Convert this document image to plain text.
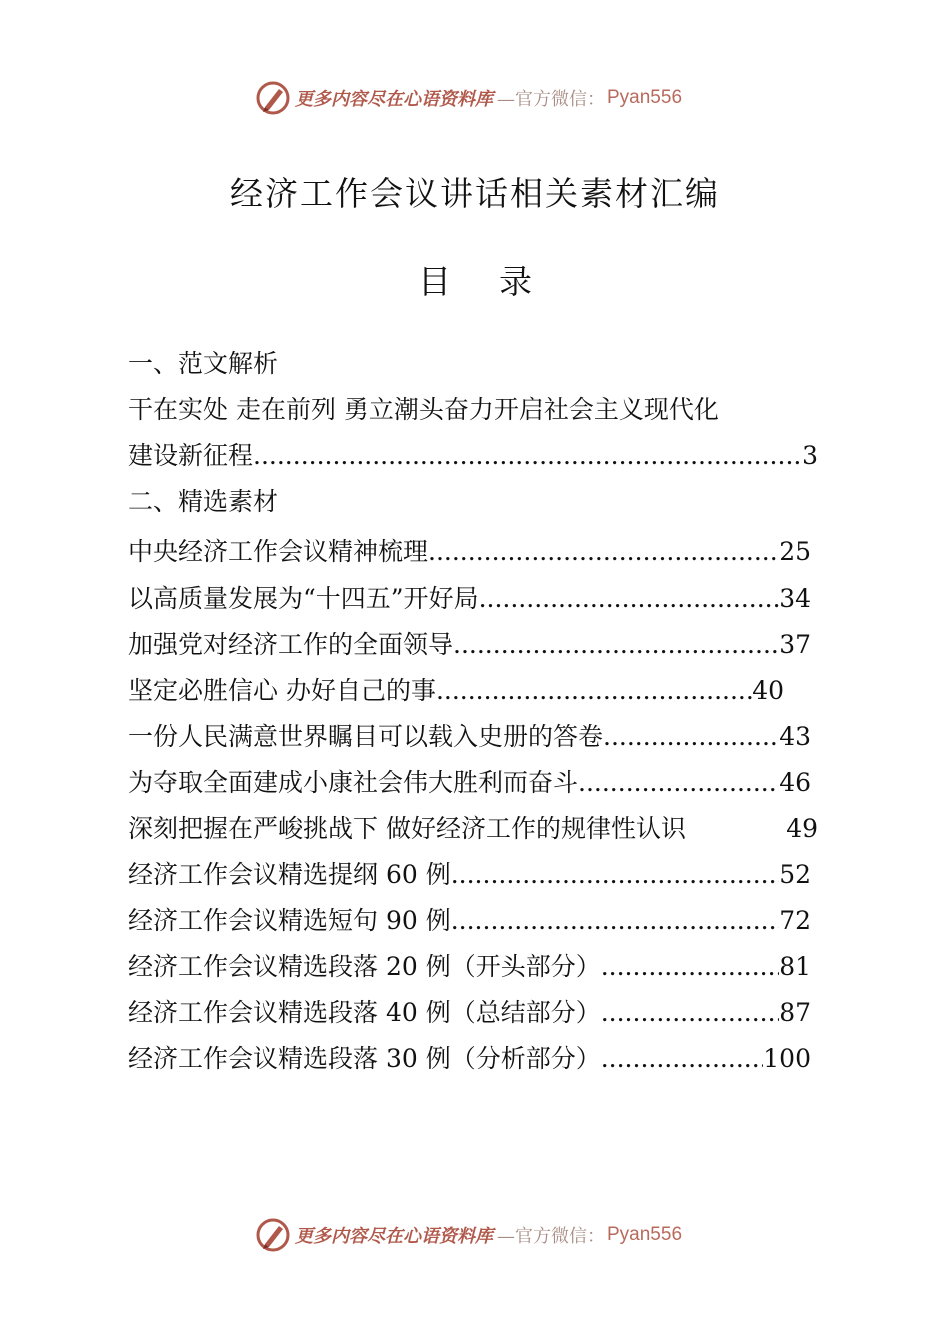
更多内容尽在心语资料库 —官方微信： Pyan556
经济工作会议讲话相关素材汇编
目 录
一、范文解析
干在实处 走在前列 勇立潮头奋力开启社会主义现代化
建设新征程 .....	3
二、精选素材
中央经济工作会议精神梳理 .....	25
以高质量发展为“十四五”开好局 .....	34
加强党对经济工作的全面领导 .....	37
坚定必胜信心 办好自己的事 .....	40
一份人民满意世界瞩目可以载入史册的答卷 .....	43
为夺取全面建成小康社会伟大胜利而奋斗 .....	46
深刻把握在严峻挑战下 做好经济工作的规律性认识	49
经济工作会议精选提纲 60 例 .....	52
经济工作会议精选短句 90 例 .....	72
经济工作会议精选段落 20 例（开头部分） .....	81
经济工作会议精选段落 40 例（总结部分） .....	87
经济工作会议精选段落 30 例（分析部分） .....	100
更多内容尽在心语资料库 —官方微信： Pyan556
